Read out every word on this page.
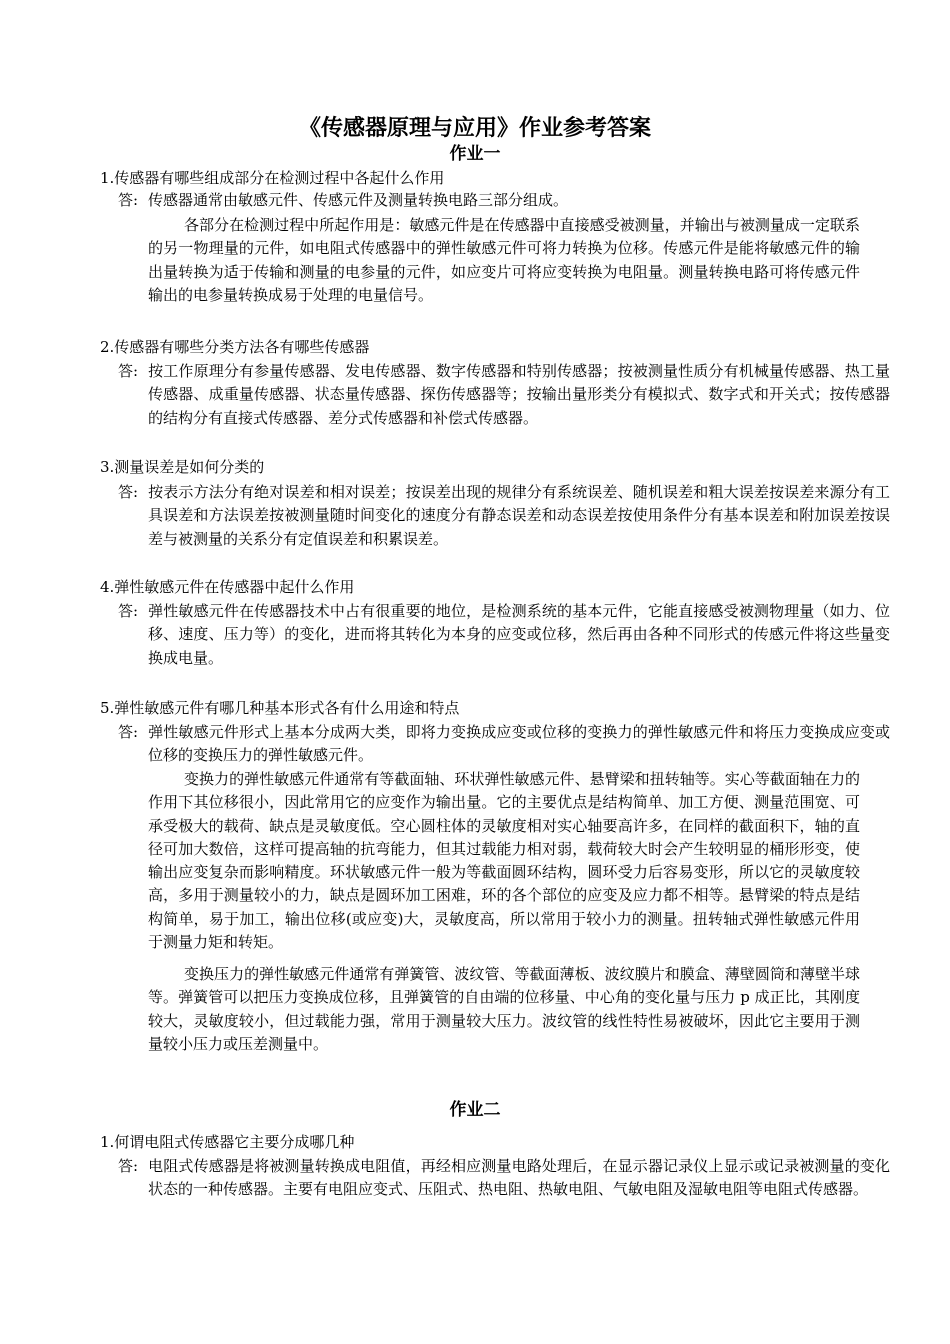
《传感器原理与应用》作业参考答案
作业一
1.传感器有哪些组成部分在检测过程中各起什么作用
答: 传感器通常由敏感元件、传感元件及测量转换电路三部分组成。
各部分在检测过程中所起作用是：敏感元件是在传感器中直接感受被测量，并输出与被测量成一定联系的另一物理量的元件，如电阻式传感器中的弹性敏感元件可将力转换为位移。传感元件是能将敏感元件的输出量转换为适于传输和测量的电参量的元件，如应变片可将应变转换为电阻量。测量转换电路可将传感元件输出的电参量转换成易于处理的电量信号。
2.传感器有哪些分类方法各有哪些传感器
答: 按工作原理分有参量传感器、发电传感器、数字传感器和特别传感器；按被测量性质分有机械量传感器、热工量传感器、成重量传感器、状态量传感器、探伤传感器等；按输出量形类分有模拟式、数字式和开关式；按传感器的结构分有直接式传感器、差分式传感器和补偿式传感器。
3.测量误差是如何分类的
答: 按表示方法分有绝对误差和相对误差；按误差出现的规律分有系统误差、随机误差和粗大误差按误差来源分有工具误差和方法误差按被测量随时间变化的速度分有静态误差和动态误差按使用条件分有基本误差和附加误差按误差与被测量的关系分有定值误差和积累误差。
4.弹性敏感元件在传感器中起什么作用
答: 弹性敏感元件在传感器技术中占有很重要的地位，是检测系统的基本元件，它能直接感受被测物理量（如力、位移、速度、压力等）的变化，进而将其转化为本身的应变或位移，然后再由各种不同形式的传感元件将这些量变换成电量。
5.弹性敏感元件有哪几种基本形式各有什么用途和特点
答: 弹性敏感元件形式上基本分成两大类，即将力变换成应变或位移的变换力的弹性敏感元件和将压力变换成应变或位移的变换压力的弹性敏感元件。
变换力的弹性敏感元件通常有等截面轴、环状弹性敏感元件、悬臂梁和扭转轴等。实心等截面轴在力的作用下其位移很小，因此常用它的应变作为输出量。它的主要优点是结构简单、加工方便、测量范围宽、可承受极大的载荷、缺点是灵敏度低。空心圆柱体的灵敏度相对实心轴要高许多，在同样的截面积下，轴的直径可加大数倍，这样可提高轴的抗弯能力，但其过载能力相对弱，载荷较大时会产生较明显的桶形形变，使输出应变复杂而影响精度。环状敏感元件一般为等截面圆环结构，圆环受力后容易变形，所以它的灵敏度较高，多用于测量较小的力，缺点是圆环加工困难，环的各个部位的应变及应力都不相等。悬臂梁的特点是结构简单，易于加工，输出位移(或应变)大，灵敏度高，所以常用于较小力的测量。扭转轴式弹性敏感元件用于测量力矩和转矩。
变换压力的弹性敏感元件通常有弹簧管、波纹管、等截面薄板、波纹膜片和膜盒、薄壁圆筒和薄壁半球等。弹簧管可以把压力变换成位移，且弹簧管的自由端的位移量、中心角的变化量与压力 p 成正比，其刚度较大，灵敏度较小，但过载能力强，常用于测量较大压力。波纹管的线性特性易被破坏，因此它主要用于测量较小压力或压差测量中。
作业二
1.何谓电阻式传感器它主要分成哪几种
答: 电阻式传感器是将被测量转换成电阻值，再经相应测量电路处理后，在显示器记录仪上显示或记录被测量的变化状态的一种传感器。主要有电阻应变式、压阻式、热电阻、热敏电阻、气敏电阻及湿敏电阻等电阻式传感器。
